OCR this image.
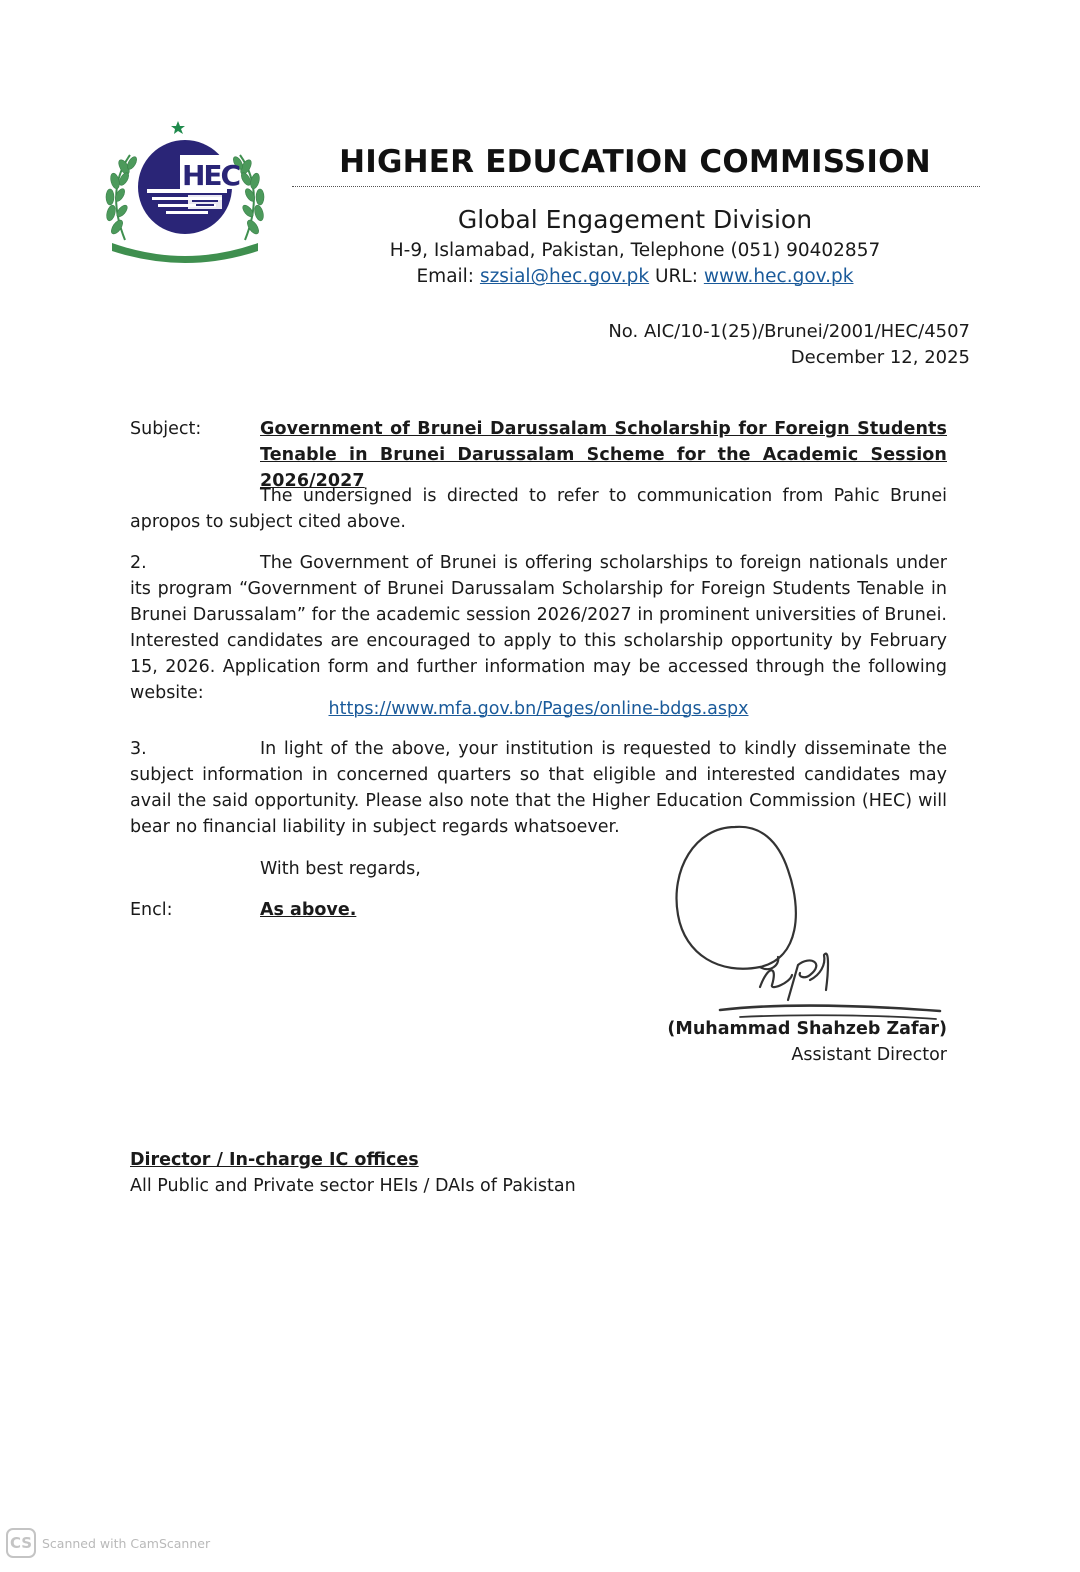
HEC
HIGHER EDUCATION COMMISSION
HIGHER EDUCATION COMMISSION
Global Engagement Division
H-9, Islamabad, Pakistan, Telephone (051) 90402857
Email: szsial@hec.gov.pk URL: www.hec.gov.pk
No. AIC/10-1(25)/Brunei/2001/HEC/4507
December 12, 2025
Subject:	Government of Brunei Darussalam Scholarship for Foreign Students Tenable in Brunei Darussalam Scheme for the Academic Session 2026/2027
The undersigned is directed to refer to communication from Pahic Brunei apropos to subject cited above.
2.	The Government of Brunei is offering scholarships to foreign nationals under its program “Government of Brunei Darussalam Scholarship for Foreign Students Tenable in Brunei Darussalam” for the academic session 2026/2027 in prominent universities of Brunei. Interested candidates are encouraged to apply to this scholarship opportunity by February 15, 2026. Application form and further information may be accessed through the following website:
https://www.mfa.gov.bn/Pages/online-bdgs.aspx
3.	In light of the above, your institution is requested to kindly disseminate the subject information in concerned quarters so that eligible and interested candidates may avail the said opportunity. Please also note that the Higher Education Commission (HEC) will bear no financial liability in subject regards whatsoever.
With best regards,
Encl:	As above.
(Muhammad Shahzeb Zafar)
Assistant Director
Director / In-charge IC offices
All Public and Private sector HEIs / DAIs of Pakistan
CS Scanned with CamScanner
